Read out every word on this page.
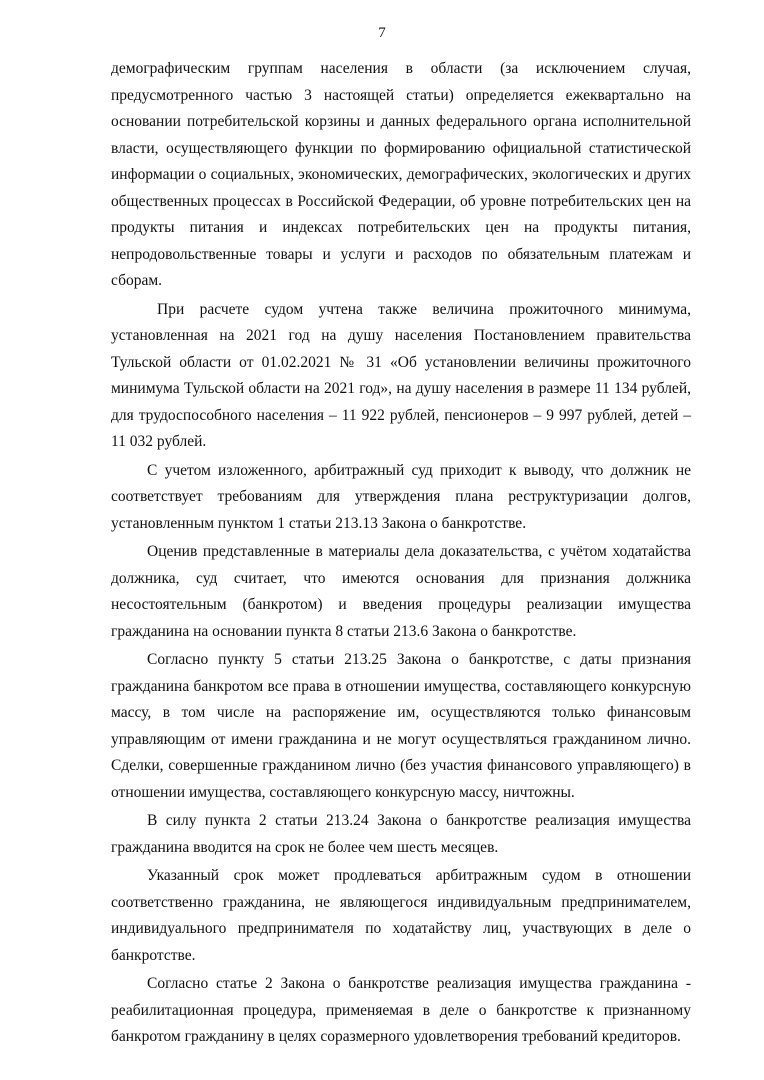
7

демографическим группам населения в области (за исключением случая, предусмотренного частью 3 настоящей статьи) определяется ежеквартально на основании потребительской корзины и данных федерального органа исполнительной власти, осуществляющего функции по формированию официальной статистической информации о социальных, экономических, демографических, экологических и других общественных процессах в Российской Федерации, об уровне потребительских цен на продукты питания и индексах потребительских цен на продукты питания, непродовольственные товары и услуги и расходов по обязательным платежам и сборам.

При расчете судом учтена также величина прожиточного минимума, установленная на 2021 год на душу населения Постановлением правительства Тульской области от 01.02.2021 № 31 «Об установлении величины прожиточного минимума Тульской области на 2021 год», на душу населения в размере 11 134 рублей, для трудоспособного населения – 11 922 рублей, пенсионеров – 9 997 рублей, детей – 11 032 рублей.

С учетом изложенного, арбитражный суд приходит к выводу, что должник не соответствует требованиям для утверждения плана реструктуризации долгов, установленным пунктом 1 статьи 213.13 Закона о банкротстве.

Оценив представленные в материалы дела доказательства, с учётом ходатайства должника, суд считает, что имеются основания для признания должника несостоятельным (банкротом) и введения процедуры реализации имущества гражданина на основании пункта 8 статьи 213.6 Закона о банкротстве.

Согласно пункту 5 статьи 213.25 Закона о банкротстве, с даты признания гражданина банкротом все права в отношении имущества, составляющего конкурсную массу, в том числе на распоряжение им, осуществляются только финансовым управляющим от имени гражданина и не могут осуществляться гражданином лично. Сделки, совершенные гражданином лично (без участия финансового управляющего) в отношении имущества, составляющего конкурсную массу, ничтожны.

В силу пункта 2 статьи 213.24 Закона о банкротстве реализация имущества гражданина вводится на срок не более чем шесть месяцев.

Указанный срок может продлеваться арбитражным судом в отношении соответственно гражданина, не являющегося индивидуальным предпринимателем, индивидуального предпринимателя по ходатайству лиц, участвующих в деле о банкротстве.

Согласно статье 2 Закона о банкротстве реализация имущества гражданина - реабилитационная процедура, применяемая в деле о банкротстве к признанному банкротом гражданину в целях соразмерного удовлетворения требований кредиторов.
